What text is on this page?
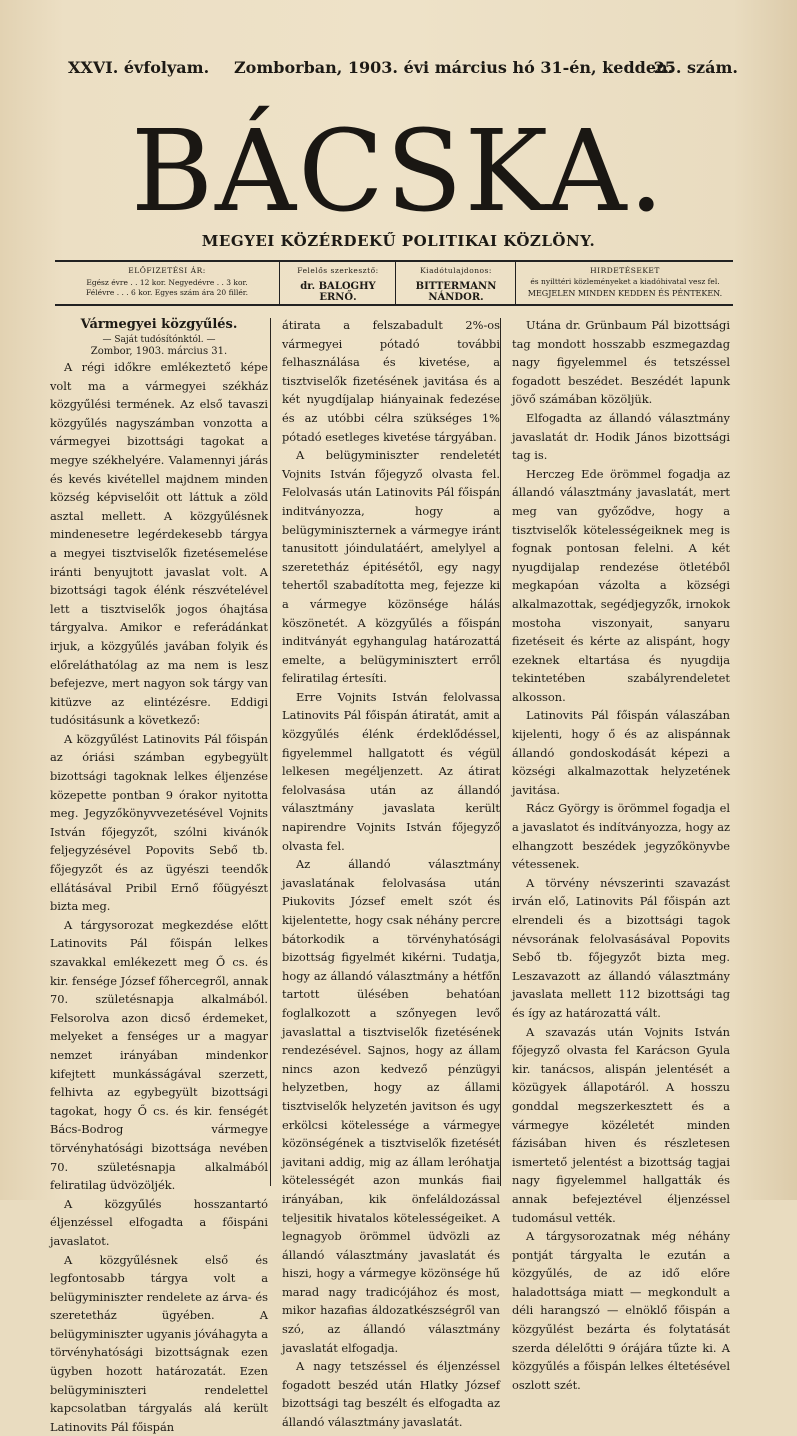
XXVI. évfolyam. Zomborban, 1903. évi március hó 31-én, kedden.
25. szám.
BÁCSKA.
MEGYEI KÖZÉRDEKŰ POLITIKAI KÖZLÖNY.
ELŐFIZETÉSI ÁR:
Egész évre . . 12 kor. Negyedévre . . 3 kor.
Félévre . . . 6 kor. Egyes szám ára 20 fillér.
Felelős szerkesztő:
dr. BALOGHY ERNŐ.
Kiadótulajdonos:
BITTERMANN NÁNDOR.
HIRDETÉSEKET
és nyilttéri közleményeket a kiadóhivatal vesz fel.
MEGJELEN MINDEN KEDDEN ÉS PÉNTEKEN.

Vármegyei közgyűlés.

— Saját tudósítónktól. —

Zombor, 1903. március 31.

A régi időkre emlékeztető képe volt ma a vármegyei székház közgyűlési termének. Az első tavaszi közgyűlés nagyszámban vonzotta a vármegyei bizottsági tagokat a megye székhelyére. Valamennyi járás és kevés kivétellel majdnem minden község képviselőit ott láttuk a zöld asztal mellett. A közgyűlésnek mindenesetre legérdekesebb tárgya a megyei tisztviselők fizetésemelése iránti benyujtott javaslat volt. A bizottsági tagok élénk részvételével lett a tisztviselők jogos óhajtása tárgyalva. Amikor e referádánkat irjuk, a közgyűlés javában folyik és előreláthatólag az ma nem is lesz befejezve, mert nagyon sok tárgy van kitüzve az elintézésre. Eddigi tudósitásunk a következő:

A közgyűlést Latinovits Pál főispán az óriási számban egybegyült bizottsági tagoknak lelkes éljenzése közepette pontban 9 órakor nyitotta meg. Jegyzőkönyvvezetésével Vojnits István főjegyzőt, szólni kivánók feljegyzésével Popovits Sebő tb. főjegyzőt és az ügyészi teendők ellátásával Pribil Ernő főügyészt bizta meg.

A tárgysorozat megkezdése előtt Latinovits Pál főispán lelkes szavakkal emlékezett meg Ő cs. és kir. fensége József főhercegről, annak 70. születésnapja alkalmából. Felsorolva azon dicső érdemeket, melyeket a fenséges ur a magyar nemzet irányában mindenkor kifejtett munkásságával szerzett, felhivta az egybegyült bizottsági tagokat, hogy Ő cs. és kir. fenségét Bács-Bodrog vármegye törvényhatósági bizottsága nevében 70. születésnapja alkalmából feliratilag üdvözöljék.

A közgyűlés hosszantartó éljenzéssel elfogadta a főispáni javaslatot.

A közgyűlésnek első és legfontosabb tárgya volt a belügyminiszter rendelete az árva- és szeretetház ügyében. A belügyminiszter ugyanis jóváhagyta a törvényhatósági bizottságnak ezen ügyben hozott határozatát. Ezen belügyminiszteri rendelettel kapcsolatban tárgyalás alá került Latinovits Pál főispán

átirata a felszabadult 2%-os vármegyei pótadó további felhasználása és kivetése, a tisztviselők fizetésének javitása és a két nyugdíjalap hiányainak fedezése és az utóbbi célra szükséges 1% pótadó esetleges kivetése tárgyában.

A belügyminiszter rendeletét Vojnits István főjegyző olvasta fel. Felolvasás után Latinovits Pál főispán inditványozza, hogy a belügyminiszternek a vármegye iránt tanusitott jóindulatáért, amelylyel a szeretetház épitésétől, egy nagy tehertől szabadította meg, fejezze ki a vármegye közönsége hálás köszönetét. A közgyűlés a főispán inditványát egyhangulag határozattá emelte, a belügyminisztert erről feliratilag értesíti.

Erre Vojnits István felolvassa Latinovits Pál főispán átiratát, amit a közgyűlés élénk érdeklődéssel, figyelemmel hallgatott és végül lelkesen megéljenzett. Az átirat felolvasása után az állandó választmány javaslata került napirendre Vojnits István főjegyző olvasta fel.

Az állandó választmány javaslatának felolvasása után Piukovits József emelt szót és kijelentette, hogy csak néhány percre bátorkodik a törvényhatósági bizottság figyelmét kikérni. Tudatja, hogy az állandó választmány a hétfőn tartott ülésében behatóan foglalkozott a szőnyegen levő javaslattal a tisztviselők fizetésének rendezésével. Sajnos, hogy az állam nincs azon kedvező pénzügyi helyzetben, hogy az állami tisztviselők helyzetén javitson és ugy erkölcsi kötelessége a vármegye közönségének a tisztviselők fizetését javitani addig, mig az állam leróhatja kötelességét azon munkás fiai irányában, kik önfeláldozással teljesitik hivatalos kötelességeiket. A legnagyob örömmel üdvözli az állandó választmány javaslatát és hiszi, hogy a vármegye közönsége hű marad nagy tradicójához és most, mikor hazafias áldozatkészségről van szó, az állandó választmány javaslatát elfogadja.

A nagy tetszéssel és éljenzéssel fogadott beszéd után Hlatky József bizottsági tag beszélt és elfogadta az állandó választmány javaslatát.

Utána dr. Grünbaum Pál bizottsági tag mondott hosszabb eszmegazdag nagy figyelemmel és tetszéssel fogadott beszédet. Beszédét lapunk jövő számában közöljük.

Elfogadta az állandó választmány javaslatát dr. Hodik János bizottsági tag is.

Herczeg Ede örömmel fogadja az állandó választmány javaslatát, mert meg van győződve, hogy a tisztviselők kötelességeiknek meg is fognak pontosan felelni. A két nyugdijalap rendezése ötletéből megkapóan vázolta a községi alkalmazottak, segédjegyzők, irnokok mostoha viszonyait, sanyaru fizetéseit és kérte az alispánt, hogy ezeknek eltartása és nyugdija tekintetében szabályrendeletet alkosson.

Latinovits Pál főispán válaszában kijelenti, hogy ő és az alispánnak állandó gondoskodását képezi a községi alkalmazottak helyzetének javitása.

Rácz György is örömmel fogadja el a javaslatot és indítványozza, hogy az elhangzott beszédek jegyzőkönyvbe vétessenek.

A törvény névszerinti szavazást irván elő, Latinovits Pál főispán azt elrendeli és a bizottsági tagok névsorának felolvasásával Popovits Sebő tb. főjegyzőt bizta meg. Leszavazott az állandó választmány javaslata mellett 112 bizottsági tag és így az határozattá vált.

A szavazás után Vojnits István főjegyző olvasta fel Karácson Gyula kir. tanácsos, alispán jelentését a közügyek állapotáról. A hosszu gonddal megszerkesztett és a vármegye közéletét minden fázisában hiven és részletesen ismertető jelentést a bizottság tagjai nagy figyelemmel hallgatták és annak befejeztével éljenzéssel tudomásul vették.

A tárgysorozatnak még néhány pontját tárgyalta le ezután a közgyűlés, de az idő előre haladottsága miatt — megkondult a déli harangszó — elnöklő főispán a közgyűlést bezárta és folytatását szerda délelőtti 9 órájára tűzte ki. A közgyűlés a főispán lelkes éltetésével oszlott szét.
